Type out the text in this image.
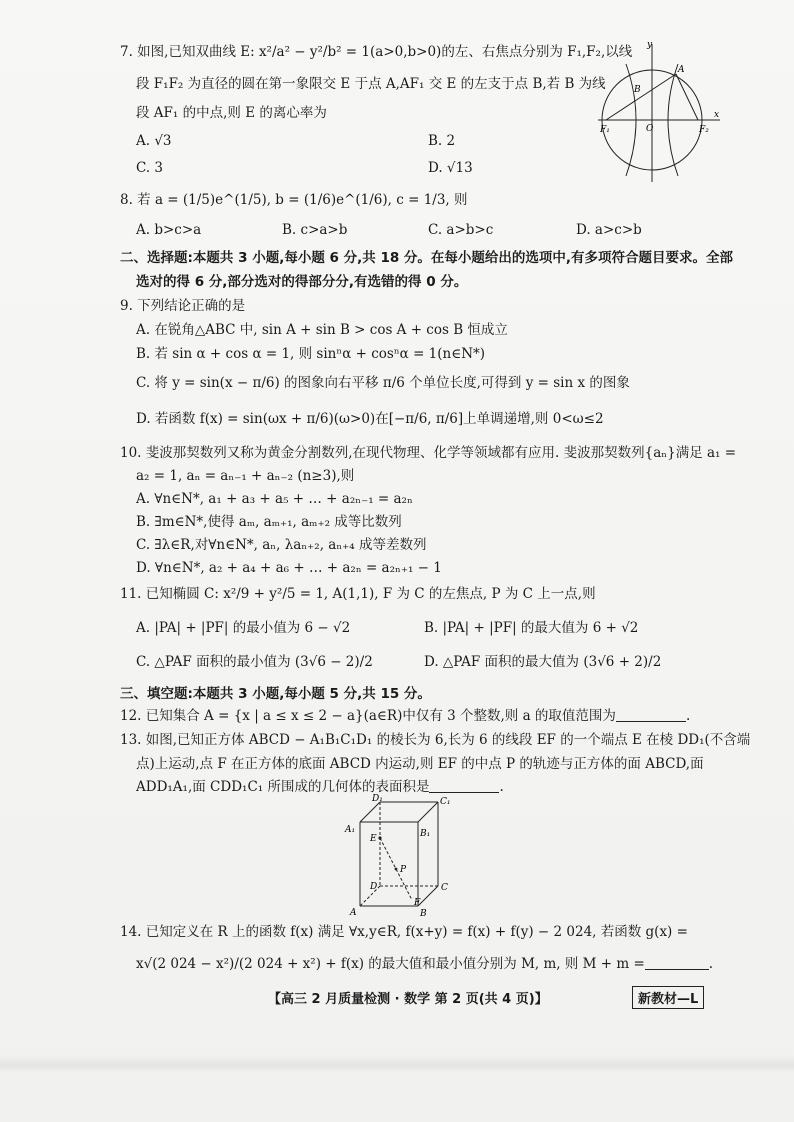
7. 如图,已知双曲线 E: x²/a² − y²/b² = 1(a>0,b>0)的左、右焦点分别为 F₁,F₂,以线
段 F₁F₂ 为直径的圆在第一象限交 E 于点 A,AF₁ 交 E 的左支于点 B,若 B 为线
段 AF₁ 的中点,则 E 的离心率为
A. √3	B. 2
C. 3	D. √13
y
x
A
B
O
F₁	F₂
8. 若 a = (1/5)e^(1/5), b = (1/6)e^(1/6), c = 1/3, 则
A. b>c>a	B. c>a>b	C. a>b>c	D. a>c>b
二、选择题:本题共 3 小题,每小题 6 分,共 18 分。在每小题给出的选项中,有多项符合题目要求。全部
选对的得 6 分,部分选对的得部分分,有选错的得 0 分。
9. 下列结论正确的是
A. 在锐角△ABC 中, sin A + sin B > cos A + cos B 恒成立
B. 若 sin α + cos α = 1, 则 sinⁿα + cosⁿα = 1(n∈N*)
C. 将 y = sin(x − π/6) 的图象向右平移 π/6 个单位长度,可得到 y = sin x 的图象
D. 若函数 f(x) = sin(ωx + π/6)(ω>0)在[−π/6, π/6]上单调递增,则 0<ω≤2
10. 斐波那契数列又称为黄金分割数列,在现代物理、化学等领域都有应用. 斐波那契数列{aₙ}满足 a₁ =
a₂ = 1, aₙ = aₙ₋₁ + aₙ₋₂ (n≥3),则
A. ∀n∈N*, a₁ + a₃ + a₅ + … + a₂ₙ₋₁ = a₂ₙ
B. ∃m∈N*,使得 aₘ, aₘ₊₁, aₘ₊₂ 成等比数列
C. ∃λ∈R,对∀n∈N*, aₙ, λaₙ₊₂, aₙ₊₄ 成等差数列
D. ∀n∈N*, a₂ + a₄ + a₆ + … + a₂ₙ = a₂ₙ₊₁ − 1
11. 已知椭圆 C: x²/9 + y²/5 = 1, A(1,1), F 为 C 的左焦点, P 为 C 上一点,则
A. |PA| + |PF| 的最小值为 6 − √2	B. |PA| + |PF| 的最大值为 6 + √2
C. △PAF 面积的最小值为 (3√6 − 2)/2	D. △PAF 面积的最大值为 (3√6 + 2)/2
三、填空题:本题共 3 小题,每小题 5 分,共 15 分。
12. 已知集合 A = {x | a ≤ x ≤ 2 − a}(a∈R)中仅有 3 个整数,则 a 的取值范围为	.
13. 如图,已知正方体 ABCD − A₁B₁C₁D₁ 的棱长为 6,长为 6 的线段 EF 的一个端点 E 在棱 DD₁(不含端
点)上运动,点 F 在正方体的底面 ABCD 内运动,则 EF 的中点 P 的轨迹与正方体的面 ABCD,面
ADD₁A₁,面 CDD₁C₁ 所围成的几何体的表面积是	.
D₁	C₁
A₁	B₁
E
P
D	C
F
A	B
14. 已知定义在 R 上的函数 f(x) 满足 ∀x,y∈R, f(x+y) = f(x) + f(y) − 2 024, 若函数 g(x) =
x√(2 024 − x²)/(2 024 + x²) + f(x) 的最大值和最小值分别为 M, m, 则 M + m =	.
【高三 2 月质量检测 · 数学 第 2 页(共 4 页)】	新教材—L
